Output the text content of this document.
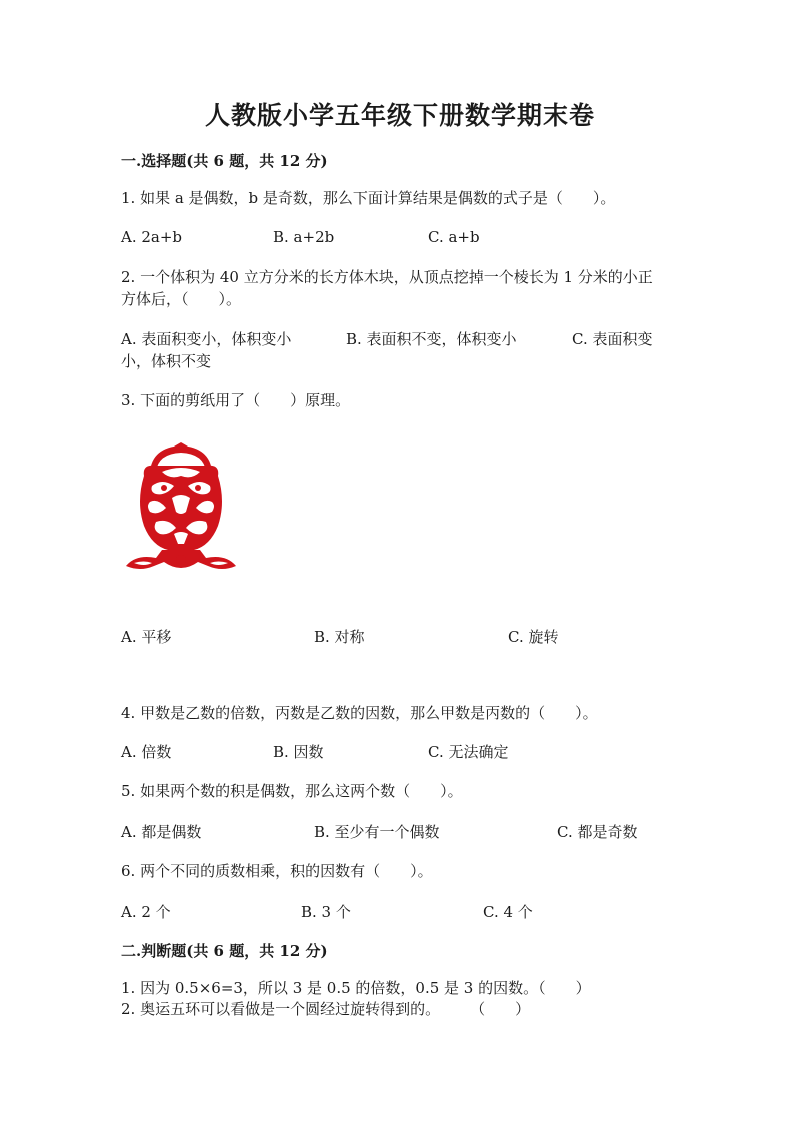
人教版小学五年级下册数学期末卷
一.选择题(共 6 题，共 12 分)
1. 如果 a 是偶数，b 是奇数，那么下面计算结果是偶数的式子是（　　）。
A. 2a+b	B. a+2b	C. a+b
2. 一个体积为 40 立方分米的长方体木块，从顶点挖掉一个棱长为 1 分米的小正
方体后，（　　）。
A. 表面积变小，体积变小	B. 表面积不变，体积变小	C. 表面积变
小，体积不变
3. 下面的剪纸用了（　　）原理。
A. 平移	B. 对称	C. 旋转
4. 甲数是乙数的倍数，丙数是乙数的因数，那么甲数是丙数的（　　）。
A. 倍数	B. 因数	C. 无法确定
5. 如果两个数的积是偶数，那么这两个数（　　）。
A. 都是偶数	B. 至少有一个偶数	C. 都是奇数
6. 两个不同的质数相乘，积的因数有（　　）。
A. 2 个	B. 3 个	C. 4 个
二.判断题(共 6 题，共 12 分)
1. 因为 0.5×6=3，所以 3 是 0.5 的倍数，0.5 是 3 的因数。（　　）
2. 奥运五环可以看做是一个圆经过旋转得到的。　　　（　　）
